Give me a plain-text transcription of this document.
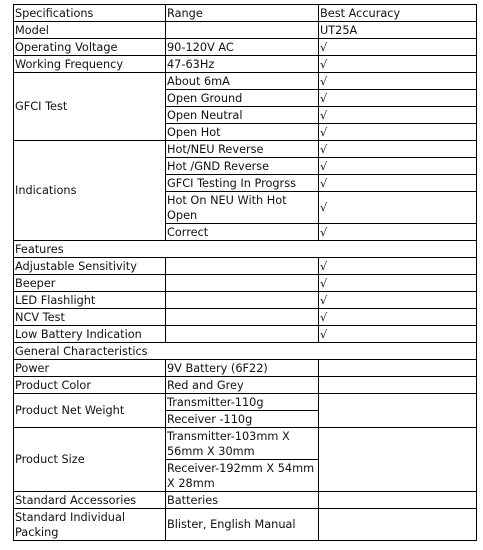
Specifications	Range	Best Accuracy
Model		UT25A
Operating Voltage	90-120V AC	√
Working Frequency	47-63Hz	√
GFCI Test	About 6mA	√
	Open Ground	√
	Open Neutral	√
	Open Hot	√
Indications	Hot/NEU Reverse	√
	Hot /GND Reverse	√
	GFCI Testing In Progrss	√
	Hot On NEU With Hot Open	√
	Correct	√
Features		
Adjustable Sensitivity		√
Beeper		√
LED Flashlight		√
NCV Test		√
Low Battery Indication		√
General Characteristics		
Power	9V Battery (6F22)	
Product Color	Red and Grey	
Product Net Weight	Transmitter-110g	
	Receiver -110g	
Product Size	Transmitter-103mm X 56mm X 30mm	
	Receiver-192mm X 54mm X 28mm	
Standard Accessories	Batteries	
Standard Individual Packing	Blister, English Manual	
